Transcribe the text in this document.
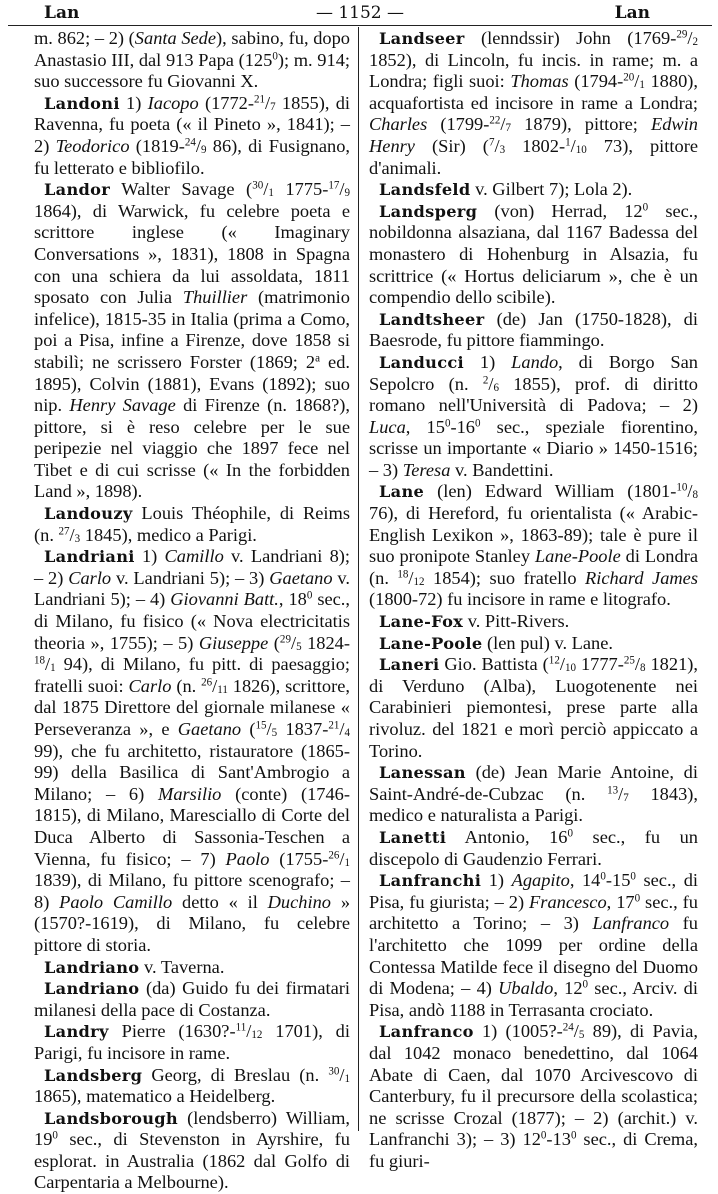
Lan	— 1152 —	Lan

m. 862; – 2) (Santa Sede), sabino, fu, dopo Anastasio III, dal 913 Papa $(125^0)$; m. 914; suo successore fu Giovanni X.

Landoni 1) Iacopo ($1772-^{21}/_7$ 1855), di Ravenna, fu poeta (« il Pineto », 1841); – 2) Teodorico ($1819-^{24}/_9$ 86), di Fusignano, fu letterato e bibliofilo.

Landor Walter Savage ($^{30}/_1$ $1775-^{17}/_9$ 1864), di Warwick, fu celebre poeta e scrittore inglese (« Imaginary Conversations », 1831), 1808 in Spagna con una schiera da lui assoldata, 1811 sposato con Julia Thuillier (matrimonio infelice), 1815-35 in Italia (prima a Como, poi a Pisa, infine a Firenze, dove 1858 si stabilì; ne scrissero Forster (1869; 2$^a$ ed. 1895), Colvin (1881), Evans (1892); suo nip. Henry Savage di Firenze (n. 1868?), pittore, si è reso celebre per le sue peripezie nel viaggio che 1897 fece nel Tibet e di cui scrisse (« In the forbidden Land », 1898).

Landouzy Louis Théophile, di Reims (n. $^{27}/_3$ 1845), medico a Parigi.

Landriani 1) Camillo v. Landriani 8); – 2) Carlo v. Landriani 5); – 3) Gaetano v. Landriani 5); – 4) Giovanni Batt., $18^0$ sec., di Milano, fu fisico (« Nova electricitatis theoria », 1755); – 5) Giuseppe ($^{29}/_5$ $1824-^{18}/_1$ 94), di Milano, fu pitt. di paesaggio; fratelli suoi: Carlo (n. $^{26}/_{11}$ 1826), scrittore, dal 1875 Direttore del giornale milanese « Perseveranza », e Gaetano ($^{15}/_5$ $1837-^{21}/_4$ 99), che fu architetto, ristauratore (1865-99) della Basilica di Sant'Ambrogio a Milano; – 6) Marsilio (conte) (1746-1815), di Milano, Maresciallo di Corte del Duca Alberto di Sassonia-Teschen a Vienna, fu fisico; – 7) Paolo ($1755-^{26}/_1$ 1839), di Milano, fu pittore scenografo; – 8) Paolo Camillo detto « il Duchino » (1570?-1619), di Milano, fu celebre pittore di storia.

Landriano v. Taverna.

Landriano (da) Guido fu dei firmatari milanesi della pace di Costanza.

Landry Pierre ($1630?-^{11}/_{12}$ 1701), di Parigi, fu incisore in rame.

Landsberg Georg, di Breslau (n. $^{30}/_1$ 1865), matematico a Heidelberg.

Landsborough (lendsberro) William, $19^0$ sec., di Stevenston in Ayrshire, fu esplorat. in Australia (1862 dal Golfo di Carpentaria a Melbourne).

Landseer (lenndssir) John ($1769-^{29}/_2$ 1852), di Lincoln, fu incis. in rame; m. a Londra; figli suoi: Thomas ($1794-^{20}/_1$ 1880), acquafortista ed incisore in rame a Londra; Charles ($1799-^{22}/_7$ 1879), pittore; Edwin Henry (Sir) ($^7/_3$ $1802-^1/_{10}$ 73), pittore d'animali.

Landsfeld v. Gilbert 7); Lola 2).

Landsperg (von) Herrad, $12^0$ sec., nobildonna alsaziana, dal 1167 Badessa del monastero di Hohenburg in Alsazia, fu scrittrice (« Hortus deliciarum », che è un compendio dello scibile).

Landtsheer (de) Jan (1750-1828), di Baesrode, fu pittore fiammingo.

Landucci 1) Lando, di Borgo San Sepolcro (n. $^2/_6$ 1855), prof. di diritto romano nell'Università di Padova; – 2) Luca, $15^0-16^0$ sec., speziale fiorentino, scrisse un importante « Diario » 1450-1516; – 3) Teresa v. Bandettini.

Lane (len) Edward William ($1801-^{10}/_8$ 76), di Hereford, fu orientalista (« Arabic-English Lexikon », 1863-89); tale è pure il suo pronipote Stanley Lane-Poole di Londra (n. $^{18}/_{12}$ 1854); suo fratello Richard James (1800-72) fu incisore in rame e litografo.

Lane-Fox v. Pitt-Rivers.

Lane-Poole (len pul) v. Lane.

Laneri Gio. Battista ($^{12}/_{10}$ $1777-^{25}/_8$ 1821), di Verduno (Alba), Luogotenente nei Carabinieri piemontesi, prese parte alla rivoluz. del 1821 e morì perciò appiccato a Torino.

Lanessan (de) Jean Marie Antoine, di Saint-André-de-Cubzac (n. $^{13}/_7$ 1843), medico e naturalista a Parigi.

Lanetti Antonio, $16^0$ sec., fu un discepolo di Gaudenzio Ferrari.

Lanfranchi 1) Agapito, $14^0-15^0$ sec., di Pisa, fu giurista; – 2) Francesco, $17^0$ sec., fu architetto a Torino; – 3) Lanfranco fu l'architetto che 1099 per ordine della Contessa Matilde fece il disegno del Duomo di Modena; – 4) Ubaldo, $12^0$ sec., Arciv. di Pisa, andò 1188 in Terrasanta crociato.

Lanfranco 1) ($1005?-^{24}/_5$ 89), di Pavia, dal 1042 monaco benedettino, dal 1064 Abate di Caen, dal 1070 Arcivescovo di Canterbury, fu il precursore della scolastica; ne scrisse Crozal (1877); – 2) (archit.) v. Lanfranchi 3); – 3) $12^0-13^0$ sec., di Crema, fu giuri-
